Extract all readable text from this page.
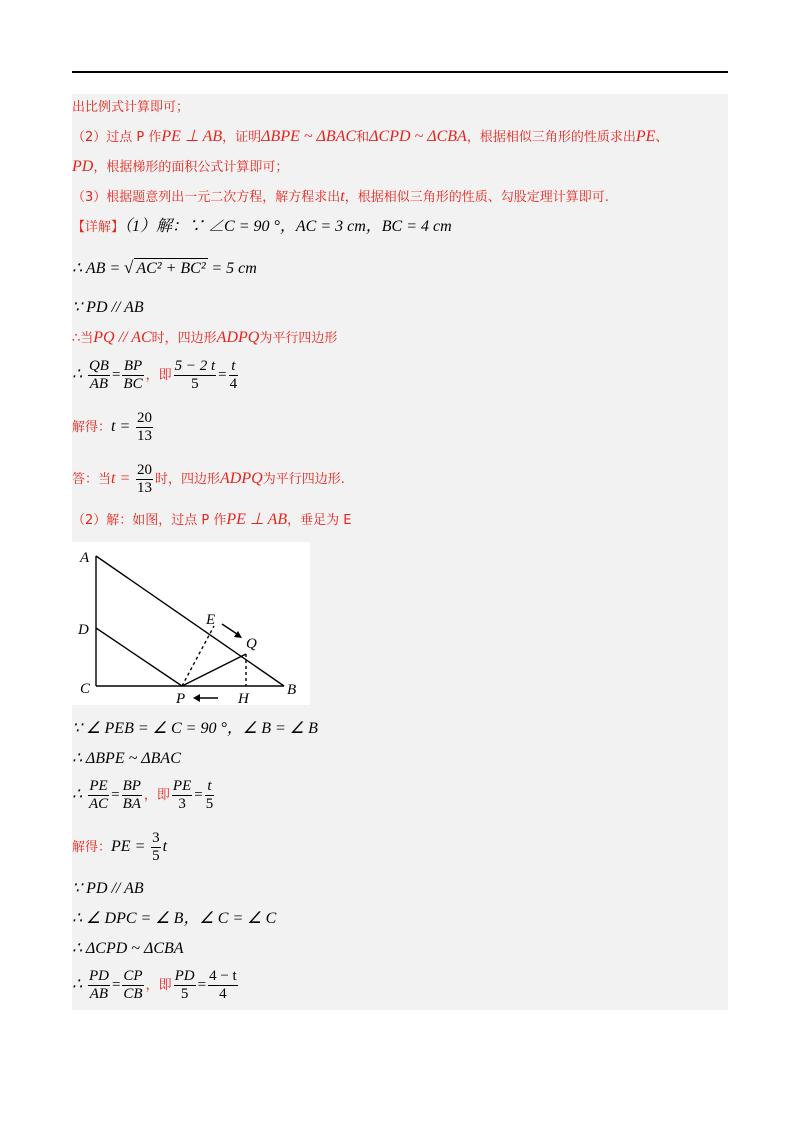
出比例式计算即可；
（2）过点 P 作PE ⊥ AB，证明ΔBPE ~ ΔBAC和ΔCPD ~ ΔCBA，根据相似三角形的性质求出PE、
PD，根据梯形的面积公式计算即可；
（3）根据题意列出一元二次方程，解方程求出t，根据相似三角形的性质、勾股定理计算即可.
【详解】（1）解：∵ ∠C = 90 °，AC = 3 cm，BC = 4 cm
∴ AB = √ AC² + BC² = 5 cm
∵ PD // AB
∴当PQ // AC时，四边形ADPQ为平行四边形
∴ $\frac{QB}{AB} = \frac{BP}{BC}$ ，即 $\frac{5 - 2 t}{5} = \frac{t}{4}$
解得：$t = \frac{20}{13}$
答：当$t = \frac{20}{13}$ 时，四边形ADPQ为平行四边形.
（2）解：如图，过点 P 作PE ⊥ AB，垂足为 E
A
D
C	B
E
Q
P	H
∵ ∠ PEB = ∠ C = 90 °，∠ B = ∠ B
∴ ΔBPE ~ ΔBAC
∴ $\frac{PE}{AC} = \frac{BP}{BA}$ ，即 $\frac{PE}{3} = \frac{t}{5}$
解得：PE = $\frac{3}{5}$ t
∵ PD // AB
∴ ∠ DPC = ∠ B，∠ C = ∠ C
∴ ΔCPD ~ ΔCBA
∴ $\frac{PD}{AB} = \frac{CP}{CB}$ ，即 $\frac{PD}{5} = \frac{4 - t}{4}$
